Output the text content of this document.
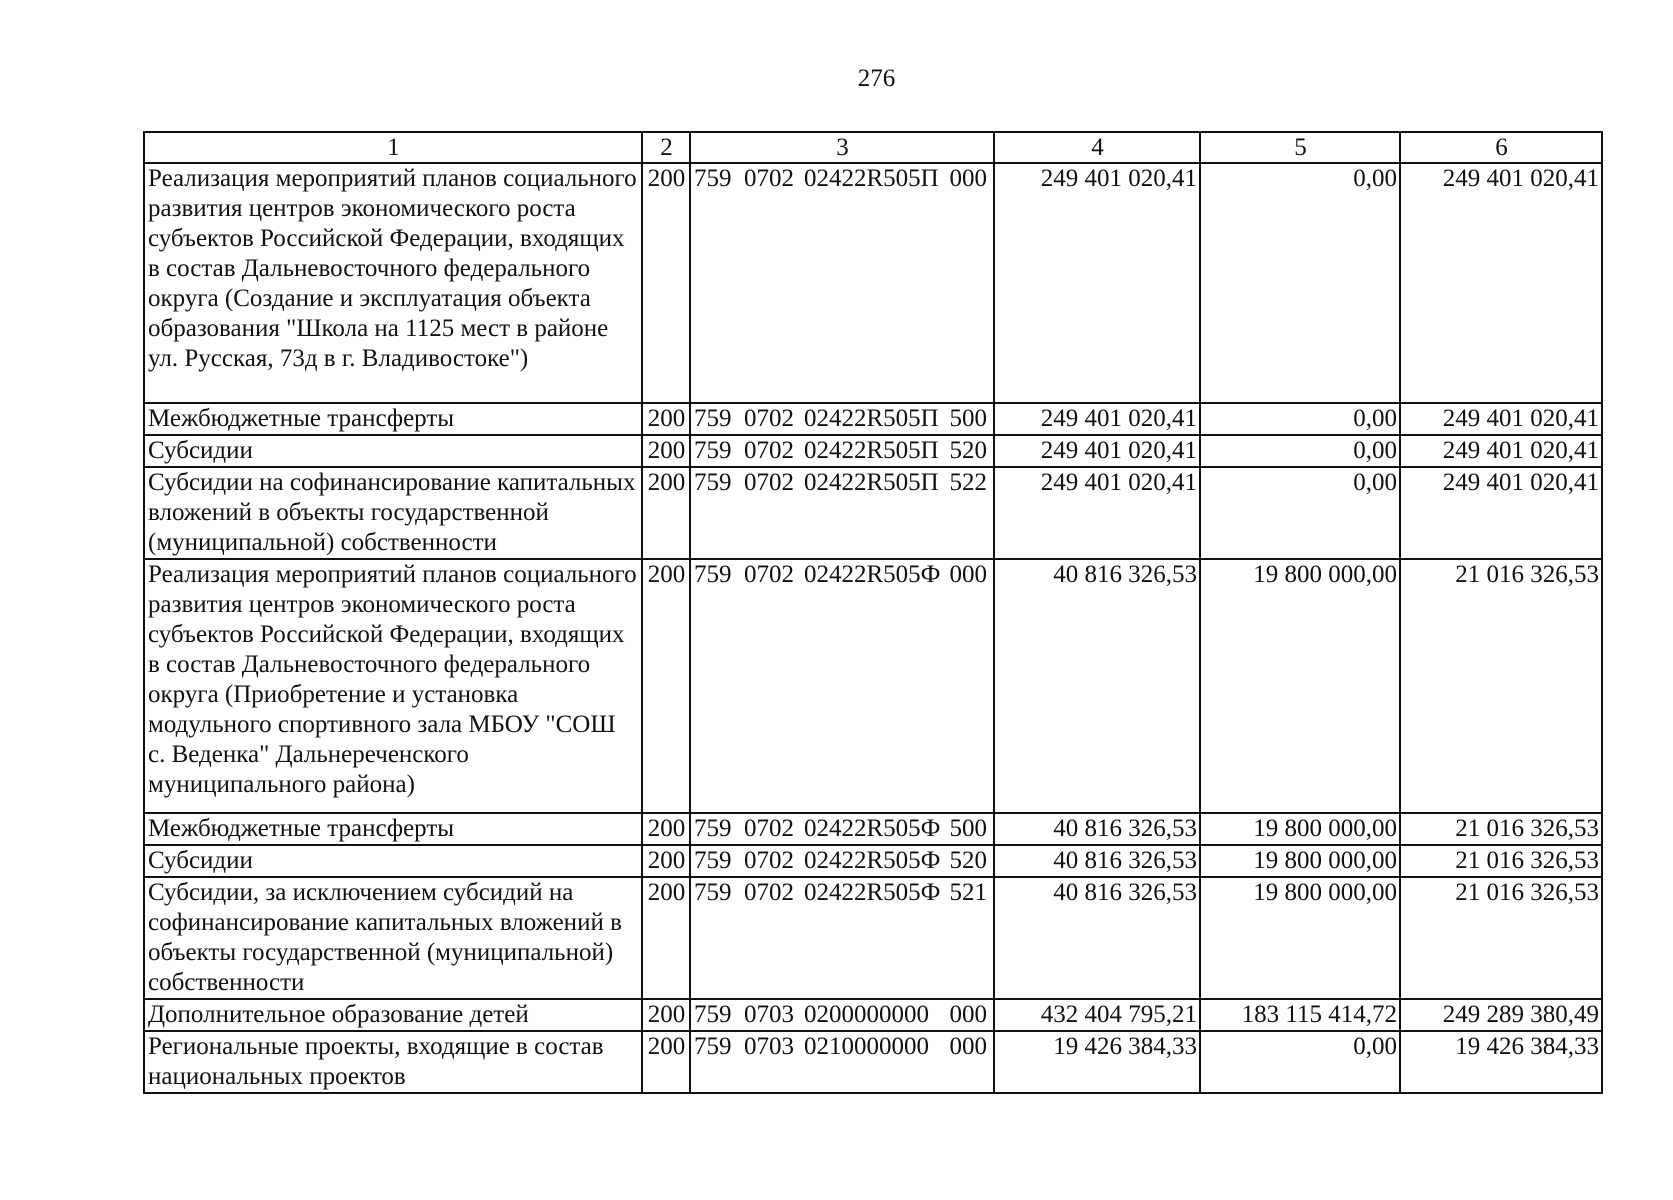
276
1	2	3	4	5	6
Реализация мероприятий планов социального развития центров экономического роста субъектов Российской Федерации, входящих в состав Дальневосточного федерального округа (Создание и эксплуатация объекта образования "Школа на 1125 мест в районе ул. Русская, 73д в г. Владивостоке")	200	759 0702 02422R505П 000	249 401 020,41	0,00	249 401 020,41
Межбюджетные трансферты	200	759 0702 02422R505П 500	249 401 020,41	0,00	249 401 020,41
Субсидии	200	759 0702 02422R505П 520	249 401 020,41	0,00	249 401 020,41
Субсидии на софинансирование капитальных вложений в объекты государственной (муниципальной) собственности	200	759 0702 02422R505П 522	249 401 020,41	0,00	249 401 020,41
Реализация мероприятий планов социального развития центров экономического роста субъектов Российской Федерации, входящих в состав Дальневосточного федерального округа (Приобретение и установка модульного спортивного зала МБОУ "СОШ с. Веденка" Дальнереченского муниципального района)	200	759 0702 02422R505Ф 000	40 816 326,53	19 800 000,00	21 016 326,53
Межбюджетные трансферты	200	759 0702 02422R505Ф 500	40 816 326,53	19 800 000,00	21 016 326,53
Субсидии	200	759 0702 02422R505Ф 520	40 816 326,53	19 800 000,00	21 016 326,53
Субсидии, за исключением субсидий на софинансирование капитальных вложений в объекты государственной (муниципальной) собственности	200	759 0702 02422R505Ф 521	40 816 326,53	19 800 000,00	21 016 326,53
Дополнительное образование детей	200	759 0703 0200000000 000	432 404 795,21	183 115 414,72	249 289 380,49
Региональные проекты, входящие в состав национальных проектов	200	759 0703 0210000000 000	19 426 384,33	0,00	19 426 384,33
